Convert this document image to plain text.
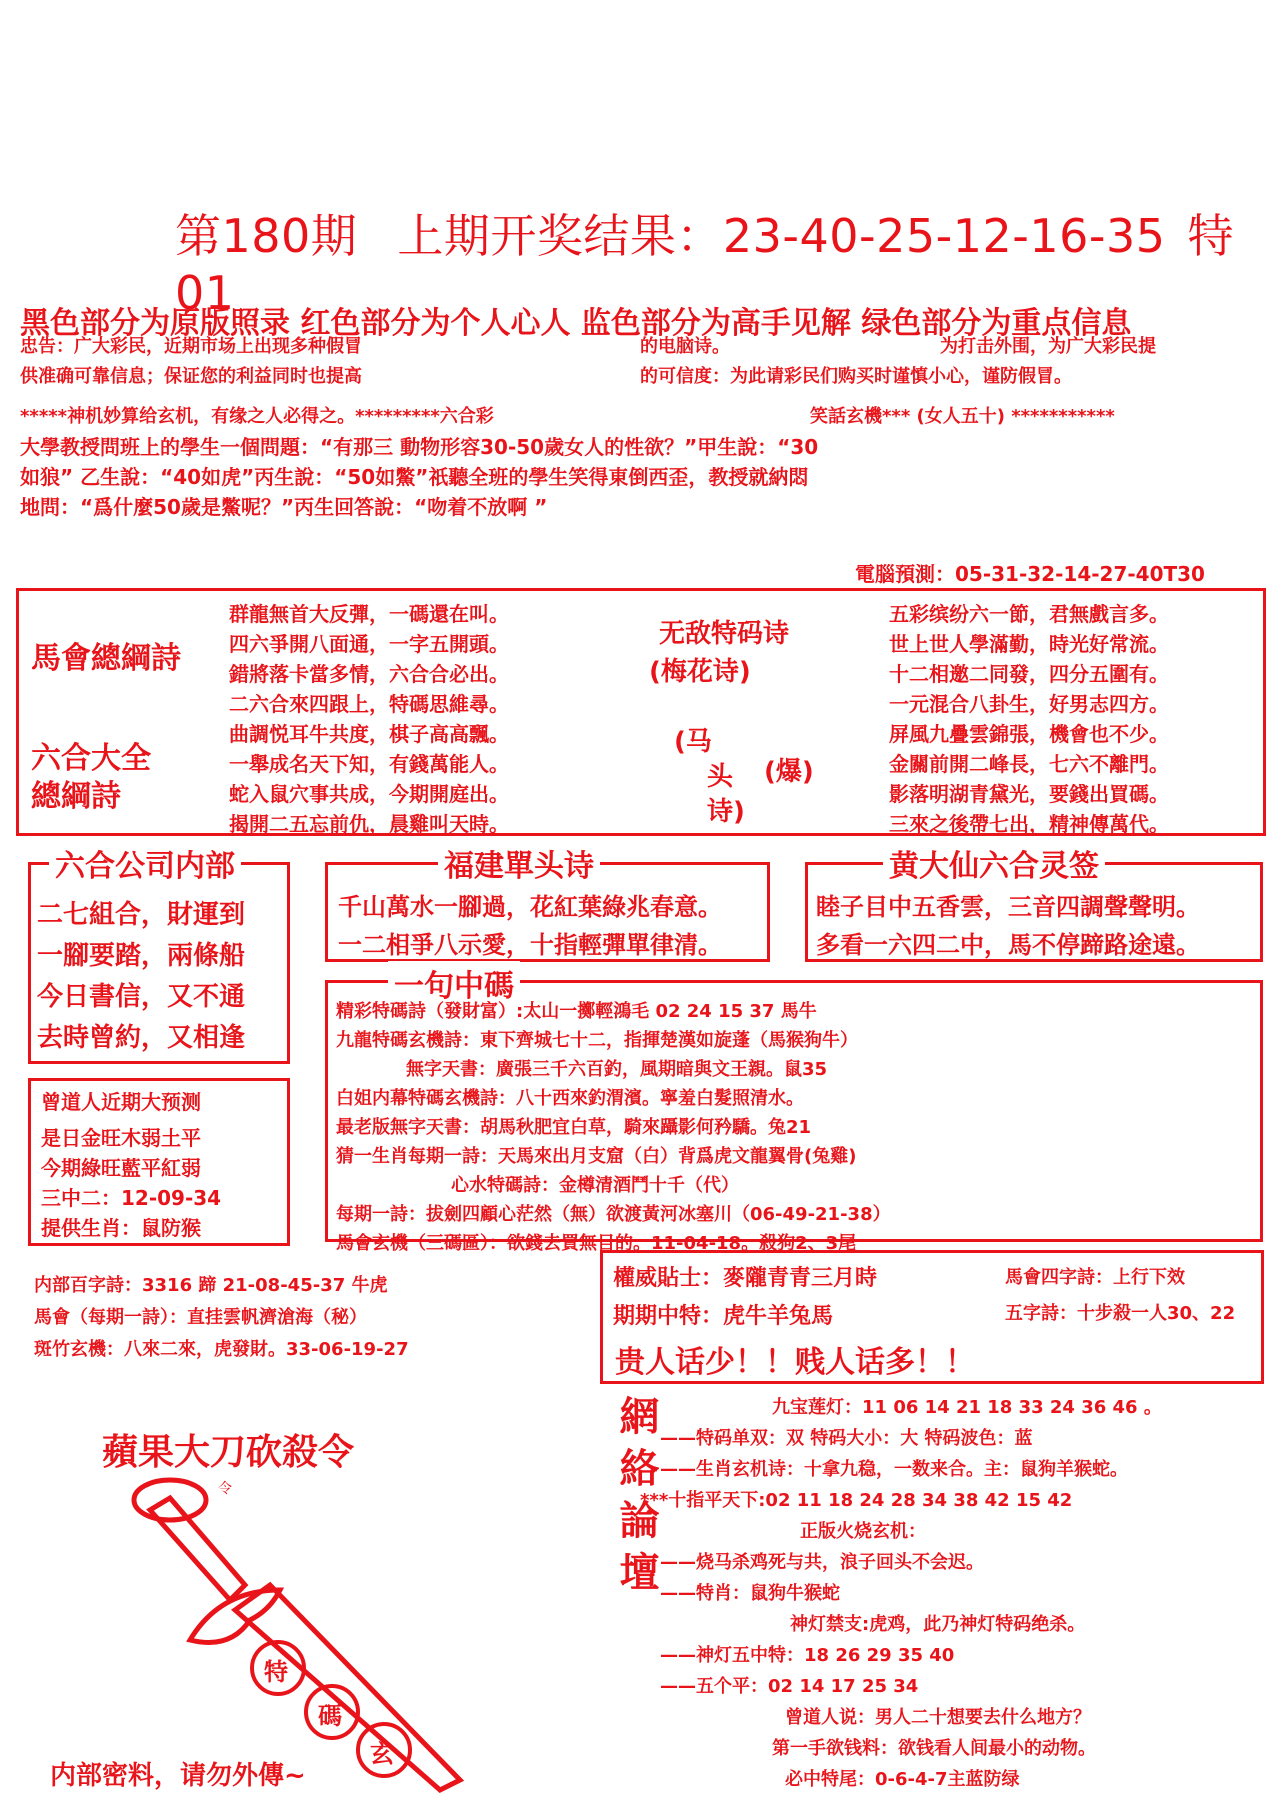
第180期 上期开奖结果：23-40-25-12-16-35 特01
黑色部分为原版照录 红色部分为个人心人 监色部分为高手见解 绿色部分为重点信息
忠告：广大彩民，近期市场上出现多种假冒	的电脑诗。	为打击外围，为广大彩民提
供准确可靠信息；保证您的利益同时也提高	的可信度：为此请彩民们购买时谨慎小心，谨防假冒。
*****神机妙算给玄机，有缘之人必得之。*********六合彩	笑話玄機*** (女人五十) ***********
大學教授問班上的學生一個問題：“有那三 動物形容30-50歲女人的性欲？”甲生說：“30
如狼” 乙生說：“40如虎”丙生說：“50如鱉”祇聽全班的學生笑得東倒西歪，教授就納悶
地問：“爲什麼50歲是鱉呢？”丙生回答說：“吻着不放啊 ”
電腦預測：05-31-32-14-27-40T30
馬會總綱詩
六合大全
總綱詩
群龍無首大反彈，一碼還在叫。
四六爭開八面通，一字五開頭。
錯將落卡當多情，六合合必出。
二六合來四跟上，特碼思維尋。
曲調悦耳牛共度，棋子高高飄。
一舉成名天下知，有錢萬能人。
蛇入鼠穴事共成，今期開庭出。
揭開二五忘前仇，晨雞叫天時。
无敌特码诗
(梅花诗)
(马
头 (爆)
诗)
五彩缤纷六一節，君無戲言多。
世上世人學滿勤，時光好常流。
十二相邀二同發，四分五圍有。
一元混合八卦生，好男志四方。
屏風九疊雲錦張，機會也不少。
金關前開二峰長，七六不離門。
影落明湖青黛光，要錢出買碼。
三來之後帶七出，精神傳萬代。
六合公司内部
二七組合，財運到
一腳要踏，兩條船
今日書信，又不通
去時曾約，又相逢
福建單头诗
千山萬水一腳過，花紅葉綠兆春意。
一二相爭八示愛，十指輕彈單律清。
黄大仙六合灵签
睦子目中五香雲，三音四調聲聲明。
多看一六四二中，馬不停蹄路途遠。
一句中碼
精彩特碼詩（發財富）:太山一擲輕鴻毛 02 24 15 37 馬牛
九龍特碼玄機詩：東下齊城七十二，指揮楚漢如旋蓬（馬猴狗牛）
無字天書：廣張三千六百釣，風期暗與文王親。鼠35
白姐内幕特碼玄機詩：八十西來釣渭濱。寧羞白髮照清水。
最老版無字天書：胡馬秋肥宜白草，騎來躡影何矜驕。兔21
猜一生肖每期一詩：天馬來出月支窟（白）背爲虎文龍翼骨(兔雞)
心水特碼詩：金樽清酒鬥十千（代）
每期一詩：拔劍四顧心茫然（無）欲渡黃河冰塞川（06-49-21-38）
馬會玄機（三碼區）：欲錢去買無目的。11-04-18。殺狗2、3尾
曾道人近期大预测
是日金旺木弱土平
今期綠旺藍平紅弱
三中二：12-09-34
提供生肖：鼠防猴
内部百字詩：3316 蹄 21-08-45-37 牛虎
馬會（每期一詩）：直挂雲帆濟滄海（秘）
斑竹玄機：八來二來，虎發財。33-06-19-27
權威貼士：麥隴青青三月時	馬會四字詩：上行下效
期期中特：虎牛羊兔馬	五字詩：十步殺一人30、22
贵人话少！！贱人话多！！
蘋果大刀砍殺令
令
特
碼
玄
内部密料，请勿外傳~
網絡論壇	九宝莲灯：11 06 14 21 18 33 24 36 46 。
——特码单双：双 特码大小：大 特码波色：蓝
——生肖玄机诗：十拿九稳，一数来合。主：鼠狗羊猴蛇。
***十指平天下:02 11 18 24 28 34 38 42 15 42
正版火烧玄机：
——烧马杀鸡死与共，浪子回头不会迟。
——特肖：鼠狗牛猴蛇
神灯禁支:虎鸡，此乃神灯特码绝杀。
——神灯五中特：18 26 29 35 40
——五个平：02 14 17 25 34
曾道人说：男人二十想要去什么地方？
第一手欲钱料：欲钱看人间最小的动物。
必中特尾：0-6-4-7主蓝防绿
